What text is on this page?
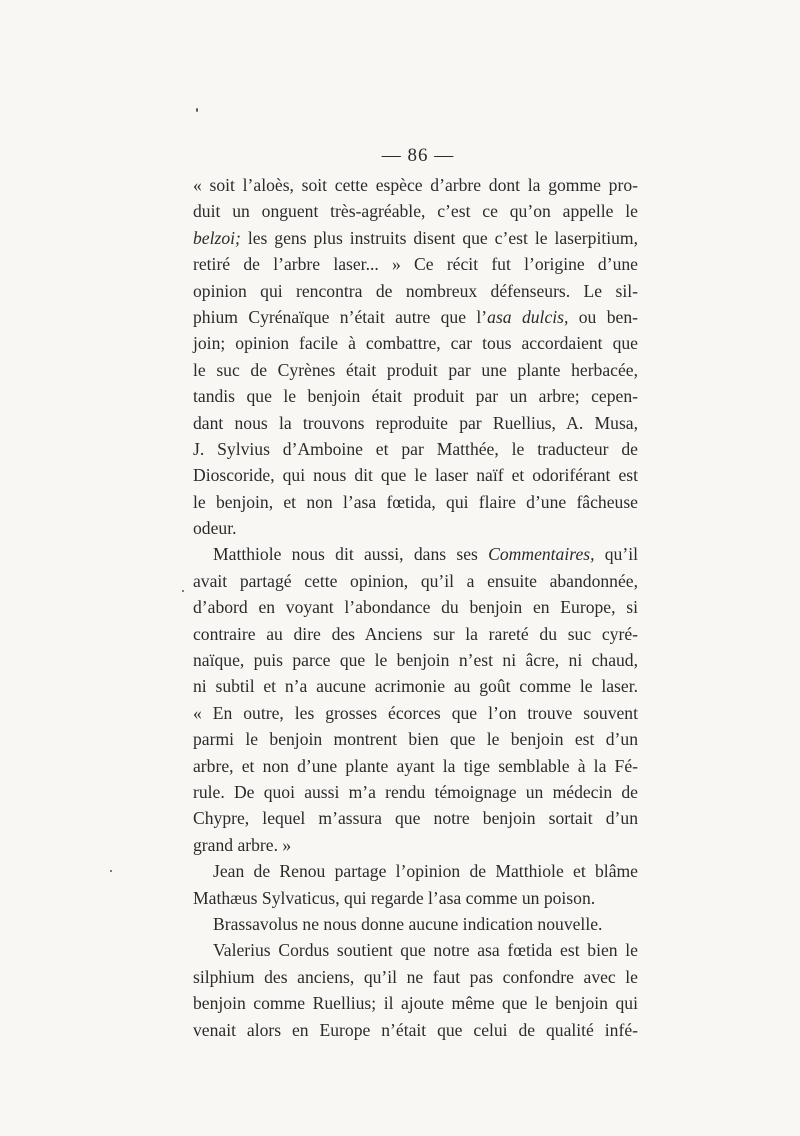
— 86 —
« soit l’aloès, soit cette espèce d’arbre dont la gomme pro-
duit un onguent très-agréable, c’est ce qu’on appelle le
belzoi; les gens plus instruits disent que c’est le laserpitium,
retiré de l’arbre laser... » Ce récit fut l’origine d’une
opinion qui rencontra de nombreux défenseurs. Le sil-
phium Cyrénaïque n’était autre que l’asa dulcis, ou ben-
join; opinion facile à combattre, car tous accordaient que
le suc de Cyrènes était produit par une plante herbacée,
tandis que le benjoin était produit par un arbre; cepen-
dant nous la trouvons reproduite par Ruellius, A. Musa,
J. Sylvius d’Amboine et par Matthée, le traducteur de
Dioscoride, qui nous dit que le laser naïf et odoriférant est
le benjoin, et non l’asa fœtida, qui flaire d’une fâcheuse
odeur.
Matthiole nous dit aussi, dans ses Commentaires, qu’il
avait partagé cette opinion, qu’il a ensuite abandonnée,
d’abord en voyant l’abondance du benjoin en Europe, si
contraire au dire des Anciens sur la rareté du suc cyré-
naïque, puis parce que le benjoin n’est ni âcre, ni chaud,
ni subtil et n’a aucune acrimonie au goût comme le laser.
« En outre, les grosses écorces que l’on trouve souvent
parmi le benjoin montrent bien que le benjoin est d’un
arbre, et non d’une plante ayant la tige semblable à la Fé-
rule. De quoi aussi m’a rendu témoignage un médecin de
Chypre, lequel m’assura que notre benjoin sortait d’un
grand arbre. »
Jean de Renou partage l’opinion de Matthiole et blâme
Mathæus Sylvaticus, qui regarde l’asa comme un poison.
Brassavolus ne nous donne aucune indication nouvelle.
Valerius Cordus soutient que notre asa fœtida est bien le
silphium des anciens, qu’il ne faut pas confondre avec le
benjoin comme Ruellius; il ajoute même que le benjoin qui
venait alors en Europe n’était que celui de qualité infé-
